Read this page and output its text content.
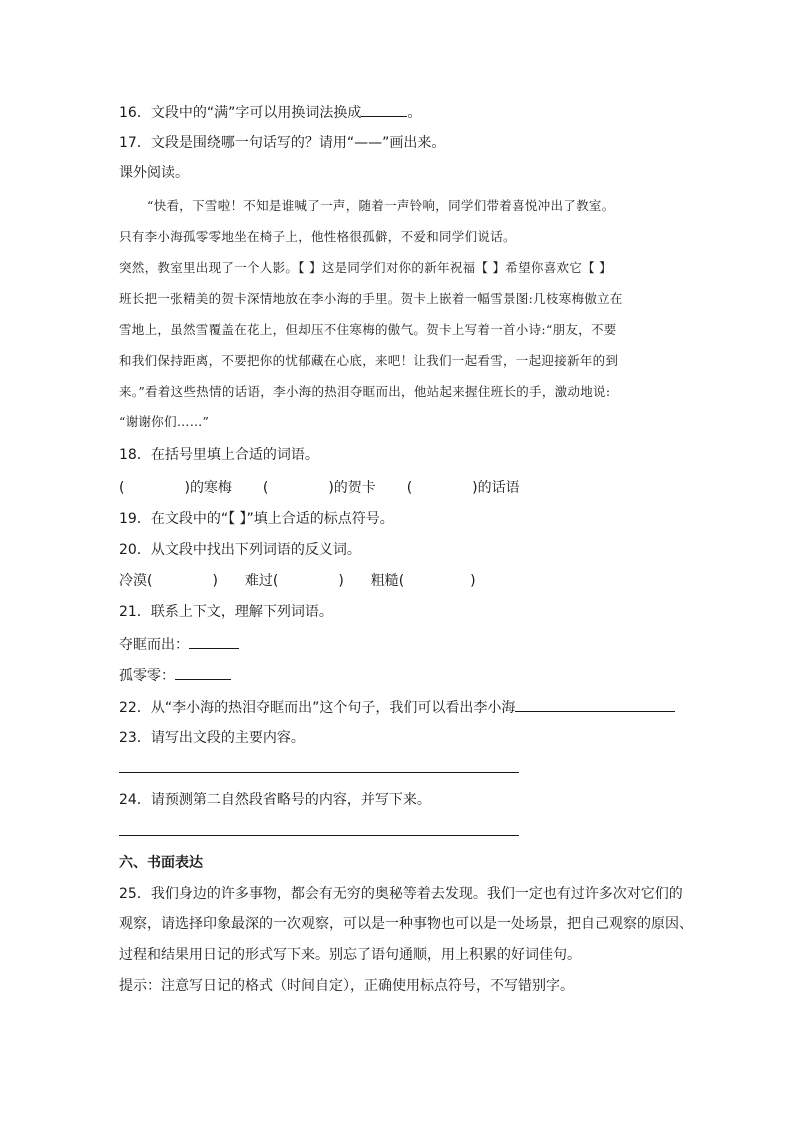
16．文段中的“满”字可以用换词法换成	。
17．文段是围绕哪一句话写的？请用“——”画出来。
课外阅读。
“快看，下雪啦！不知是谁喊了一声，随着一声铃响，同学们带着喜悦冲出了教室。
只有李小海孤零零地坐在椅子上，他性格很孤僻，不爱和同学们说话。
突然，教室里出现了一个人影。【 】这是同学们对你的新年祝福【 】希望你喜欢它【 】
班长把一张精美的贺卡深情地放在李小海的手里。贺卡上嵌着一幅雪景图:几枝寒梅傲立在
雪地上，虽然雪覆盖在花上，但却压不住寒梅的傲气。贺卡上写着一首小诗:“朋友，不要
和我们保持距离，不要把你的忧郁藏在心底，来吧！让我们一起看雪，一起迎接新年的到
来。”看着这些热情的话语，李小海的热泪夺眶而出，他站起来握住班长的手，激动地说:
“谢谢你们……”
18．在括号里填上合适的词语。
(	)的寒梅 (	)的贺卡 (	)的话语
19．在文段中的“【 】”填上合适的标点符号。
20．从文段中找出下列词语的反义词。
冷漠(	) 难过(	) 粗糙(	)
21．联系上下文，理解下列词语。
夺眶而出：
孤零零：
22．从“李小海的热泪夺眶而出”这个句子，我们可以看出李小海
23．请写出文段的主要内容。
24．请预测第二自然段省略号的内容，并写下来。
六、书面表达
25．我们身边的许多事物，都会有无穷的奥秘等着去发现。我们一定也有过许多次对它们的
观察，请选择印象最深的一次观察，可以是一种事物也可以是一处场景，把自己观察的原因、
过程和结果用日记的形式写下来。别忘了语句通顺，用上积累的好词佳句。
提示：注意写日记的格式（时间自定），正确使用标点符号，不写错别字。
